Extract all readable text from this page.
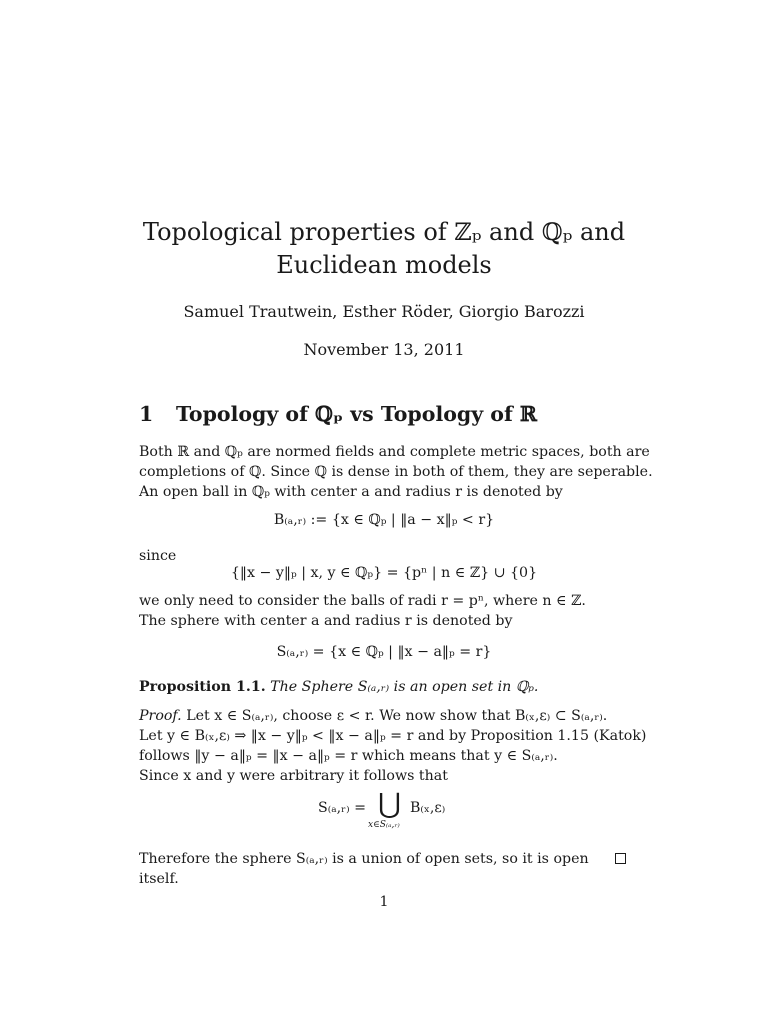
Topological properties of ℤₚ and ℚₚ and
Euclidean models
Samuel Trautwein, Esther Röder, Giorgio Barozzi
November 13, 2011
1 Topology of ℚₚ vs Topology of ℝ
Both ℝ and ℚₚ are normed fields and complete metric spaces, both are
completions of ℚ. Since ℚ is dense in both of them, they are seperable.
An open ball in ℚₚ with center a and radius r is denoted by
B₍ₐ,ᵣ₎ := {x ∈ ℚₚ | ‖a − x‖ₚ < r}
since
{‖x − y‖ₚ | x, y ∈ ℚₚ} = {pⁿ | n ∈ ℤ} ∪ {0}
we only need to consider the balls of radi r = pⁿ, where n ∈ ℤ.
The sphere with center a and radius r is denoted by
S₍ₐ,ᵣ₎ = {x ∈ ℚₚ | ‖x − a‖ₚ = r}
Proposition 1.1. The Sphere S₍ₐ,ᵣ₎ is an open set in ℚₚ.
Proof. Let x ∈ S₍ₐ,ᵣ₎, choose ε < r. We now show that B₍ₓ,ε₎ ⊂ S₍ₐ,ᵣ₎.
Let y ∈ B₍ₓ,ε₎ ⇒ ‖x − y‖ₚ < ‖x − a‖ₚ = r and by Proposition 1.15 (Katok)
follows ‖y − a‖ₚ = ‖x − a‖ₚ = r which means that y ∈ S₍ₐ,ᵣ₎.
Since x and y were arbitrary it follows that
S₍ₐ,ᵣ₎ = ⋃
x∈S₍ₐ,ᵣ₎
B₍ₓ,ε₎
Therefore the sphere S₍ₐ,ᵣ₎ is a union of open sets, so it is open itself.
1
